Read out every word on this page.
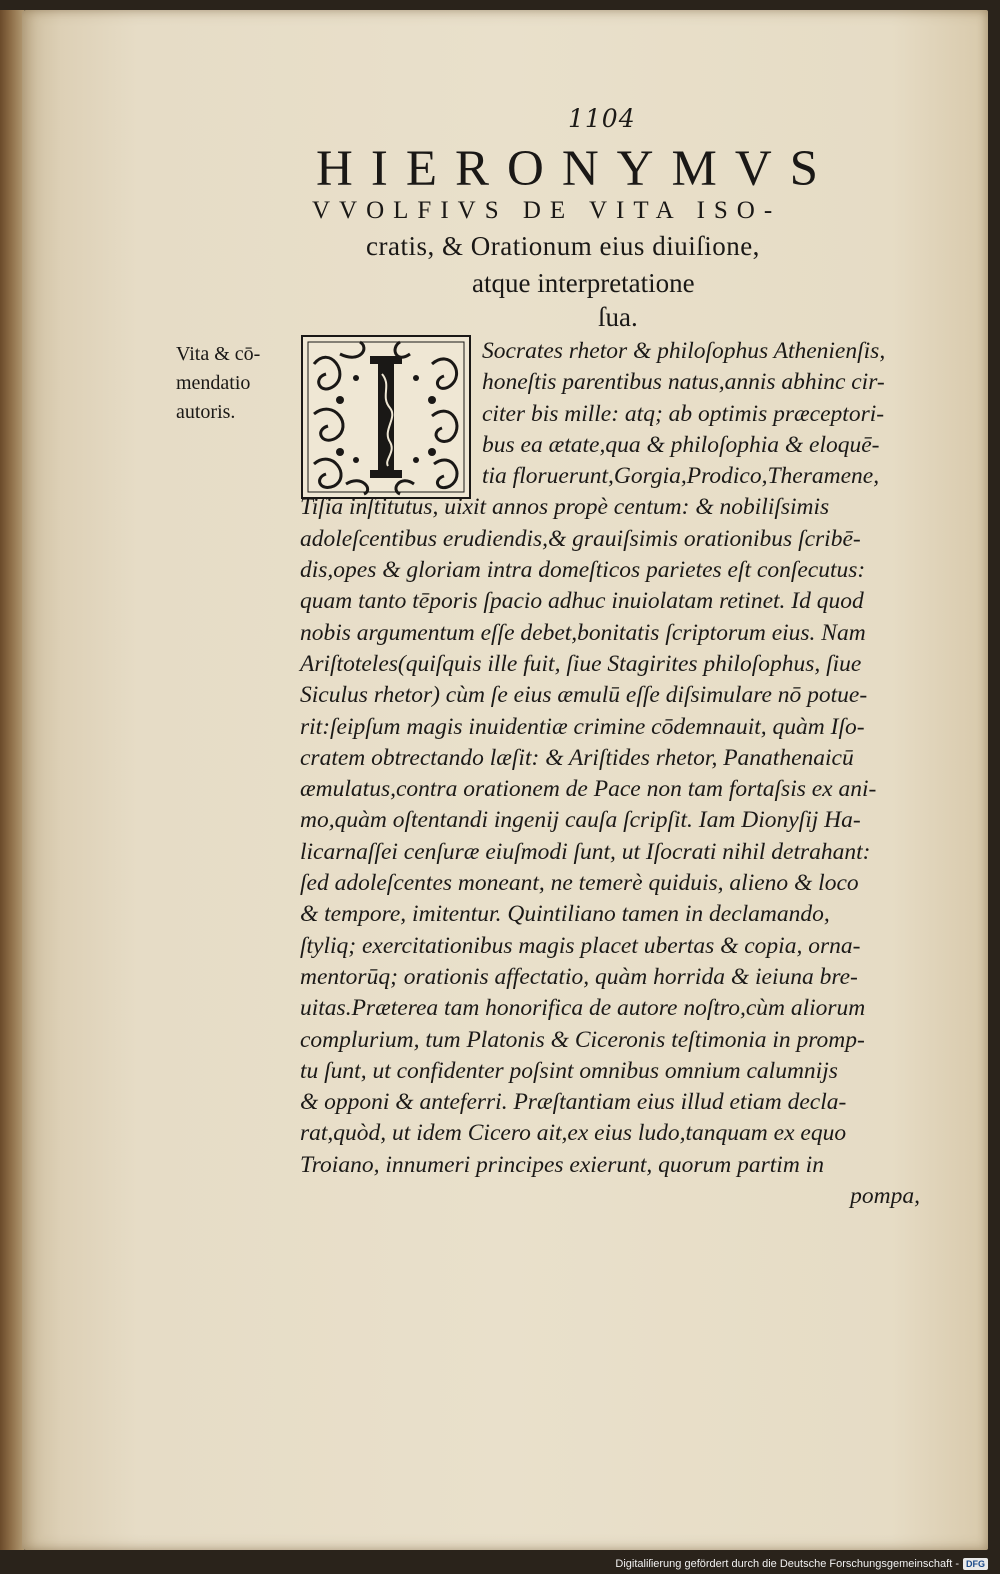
1104
HIERONYMVS
VVOLFIVS DE VITA ISO-
cratis, & Orationum eius diuiſione,
atque interpretatione
ſua.
Vita & cō-
mendatio
autoris.
Socrates rhetor & philoſophus Athenienſis,
honeſtis parentibus natus,annis abhinc cir-
citer bis mille: atq; ab optimis præceptori-
bus ea ætate,qua & philoſophia & eloquē-
tia floruerunt,Gorgia,Prodico,Theramene,
Tiſia inſtitutus, uixit annos propè centum: & nobiliſsimis
adoleſcentibus erudiendis,& grauiſsimis orationibus ſcribē-
dis,opes & gloriam intra domeſticos parietes eſt conſecutus:
quam tanto tēporis ſpacio adhuc inuiolatam retinet. Id quod
nobis argumentum eſſe debet,bonitatis ſcriptorum eius. Nam
Ariſtoteles(quiſquis ille fuit, ſiue Stagirites philoſophus, ſiue
Siculus rhetor) cùm ſe eius æmulū eſſe diſsimulare nō potue-
rit:ſeipſum magis inuidentiæ crimine cōdemnauit, quàm Iſo-
cratem obtrectando læſit: & Ariſtides rhetor, Panathenaicū
æmulatus,contra orationem de Pace non tam fortaſsis ex ani-
mo,quàm oſtentandi ingenij cauſa ſcripſit. Iam Dionyſij Ha-
licarnaſſei cenſuræ eiuſmodi ſunt, ut Iſocrati nihil detrahant:
ſed adoleſcentes moneant, ne temerè quiduis, alieno & loco
& tempore, imitentur. Quintiliano tamen in declamando,
ſtyliq; exercitationibus magis placet ubertas & copia, orna-
mentorūq; orationis affectatio, quàm horrida & ieiuna bre-
uitas.Præterea tam honorifica de autore noſtro,cùm aliorum
complurium, tum Platonis & Ciceronis teſtimonia in promp-
tu ſunt, ut confidenter poſsint omnibus omnium calumnijs
& opponi & anteferri. Præſtantiam eius illud etiam decla-
rat,quòd, ut idem Cicero ait,ex eius ludo,tanquam ex equo
Troiano, innumeri principes exierunt, quorum partim in
pompa,
Digitaliſierung gefördert durch die Deutsche Forschungsgemeinschaft - DFG
